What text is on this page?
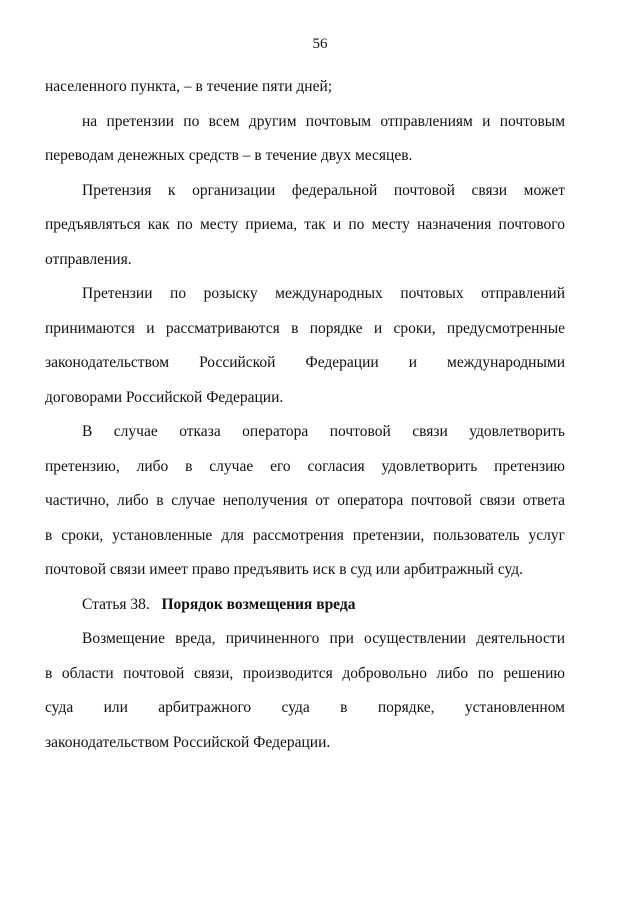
56
населенного пункта, – в течение пяти дней;
на претензии по всем другим почтовым отправлениям и почтовым
переводам денежных средств – в течение двух месяцев.
Претензия к организации федеральной почтовой связи может
предъявляться как по месту приема, так и по месту назначения почтового
отправления.
Претензии по розыску международных почтовых отправлений
принимаются и рассматриваются в порядке и сроки, предусмотренные
законодательством Российской Федерации и международными
договорами Российской Федерации.
В случае отказа оператора почтовой связи удовлетворить
претензию, либо в случае его согласия удовлетворить претензию
частично, либо в случае неполучения от оператора почтовой связи ответа
в сроки, установленные для рассмотрения претензии, пользователь услуг
почтовой связи имеет право предъявить иск в суд или арбитражный суд.
Статья 38. Порядок возмещения вреда
Возмещение вреда, причиненного при осуществлении деятельности
в области почтовой связи, производится добровольно либо по решению
суда или арбитражного суда в порядке, установленном
законодательством Российской Федерации.
